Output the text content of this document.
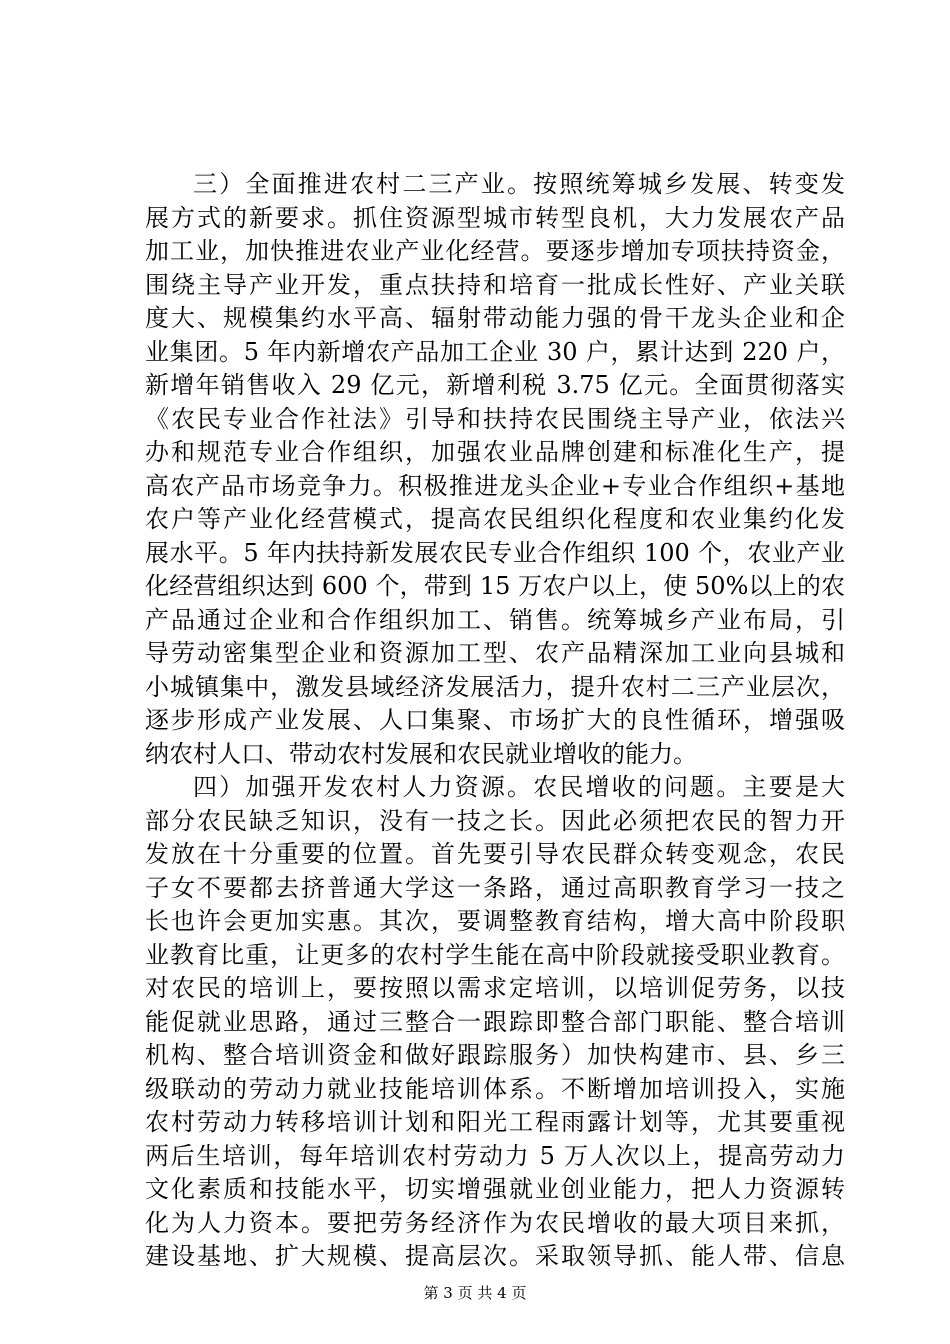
三）全面推进农村二三产业。按照统筹城乡发展、转变发
展方式的新要求。抓住资源型城市转型良机，大力发展农产品
加工业，加快推进农业产业化经营。要逐步增加专项扶持资金，
围绕主导产业开发，重点扶持和培育一批成长性好、产业关联
度大、规模集约水平高、辐射带动能力强的骨干龙头企业和企
业集团。5 年内新增农产品加工企业 30 户，累计达到 220 户，
新增年销售收入 29 亿元，新增利税 3.75 亿元。全面贯彻落实
《农民专业合作社法》引导和扶持农民围绕主导产业，依法兴
办和规范专业合作组织，加强农业品牌创建和标准化生产，提
高农产品市场竞争力。积极推进龙头企业+专业合作组织+基地
农户等产业化经营模式，提高农民组织化程度和农业集约化发
展水平。5 年内扶持新发展农民专业合作组织 100 个，农业产业
化经营组织达到 600 个，带到 15 万农户以上，使 50%以上的农
产品通过企业和合作组织加工、销售。统筹城乡产业布局，引
导劳动密集型企业和资源加工型、农产品精深加工业向县城和
小城镇集中，激发县域经济发展活力，提升农村二三产业层次，
逐步形成产业发展、人口集聚、市场扩大的良性循环，增强吸
纳农村人口、带动农村发展和农民就业增收的能力。
四）加强开发农村人力资源。农民增收的问题。主要是大
部分农民缺乏知识，没有一技之长。因此必须把农民的智力开
发放在十分重要的位置。首先要引导农民群众转变观念，农民
子女不要都去挤普通大学这一条路，通过高职教育学习一技之
长也许会更加实惠。其次，要调整教育结构，增大高中阶段职
业教育比重，让更多的农村学生能在高中阶段就接受职业教育。
对农民的培训上，要按照以需求定培训，以培训促劳务，以技
能促就业思路，通过三整合一跟踪即整合部门职能、整合培训
机构、整合培训资金和做好跟踪服务）加快构建市、县、乡三
级联动的劳动力就业技能培训体系。不断增加培训投入，实施
农村劳动力转移培训计划和阳光工程雨露计划等，尤其要重视
两后生培训，每年培训农村劳动力 5 万人次以上，提高劳动力
文化素质和技能水平，切实增强就业创业能力，把人力资源转
化为人力资本。要把劳务经济作为农民增收的最大项目来抓，
建设基地、扩大规模、提高层次。采取领导抓、能人带、信息
第 3 页 共 4 页
